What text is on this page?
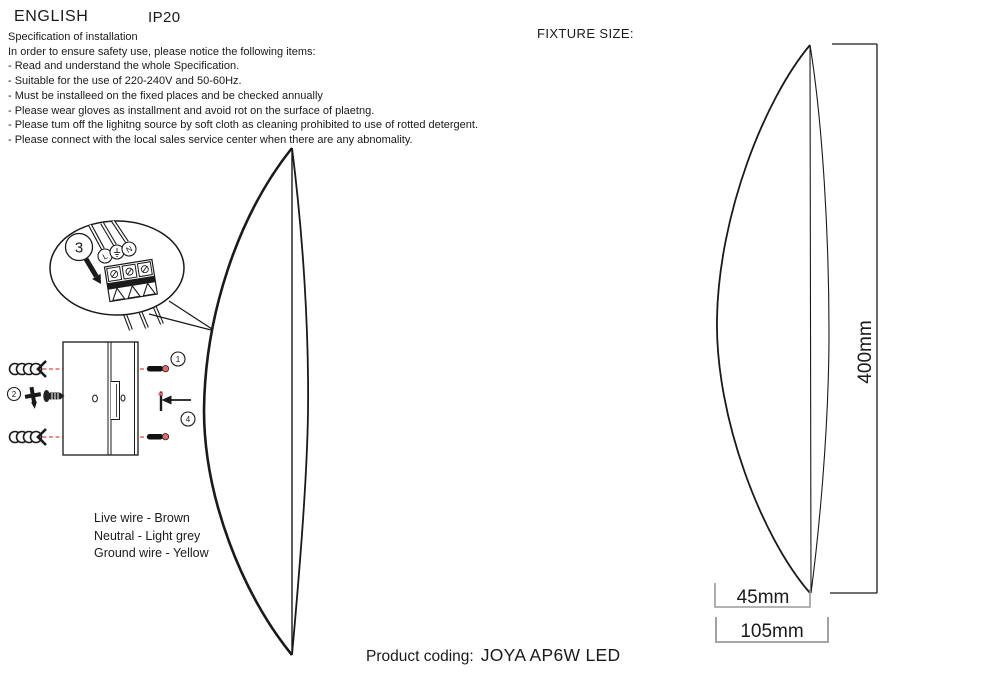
3 L
N
2
1
4
400mm
45mm
105mm
ENGLISH	IP20
Specification of installation
In order to ensure safety use, please notice the following items:
- Read and understand the whole Specification.
- Suitable for the use of 220-240V and 50-60Hz.
- Must be installeed on the fixed places and be checked annually
- Please wear gloves as installment and avoid rot on the surface of plaetng.
- Please tum off the lighitng source by soft cloth as cleaning prohibited to use of rotted detergent.
- Please connect with the local sales service center when there are any abnomality.
FIXTURE SIZE:
Live wire - Brown
Neutral - Light grey
Ground wire - Yellow
Product coding: JOYA AP6W LED
